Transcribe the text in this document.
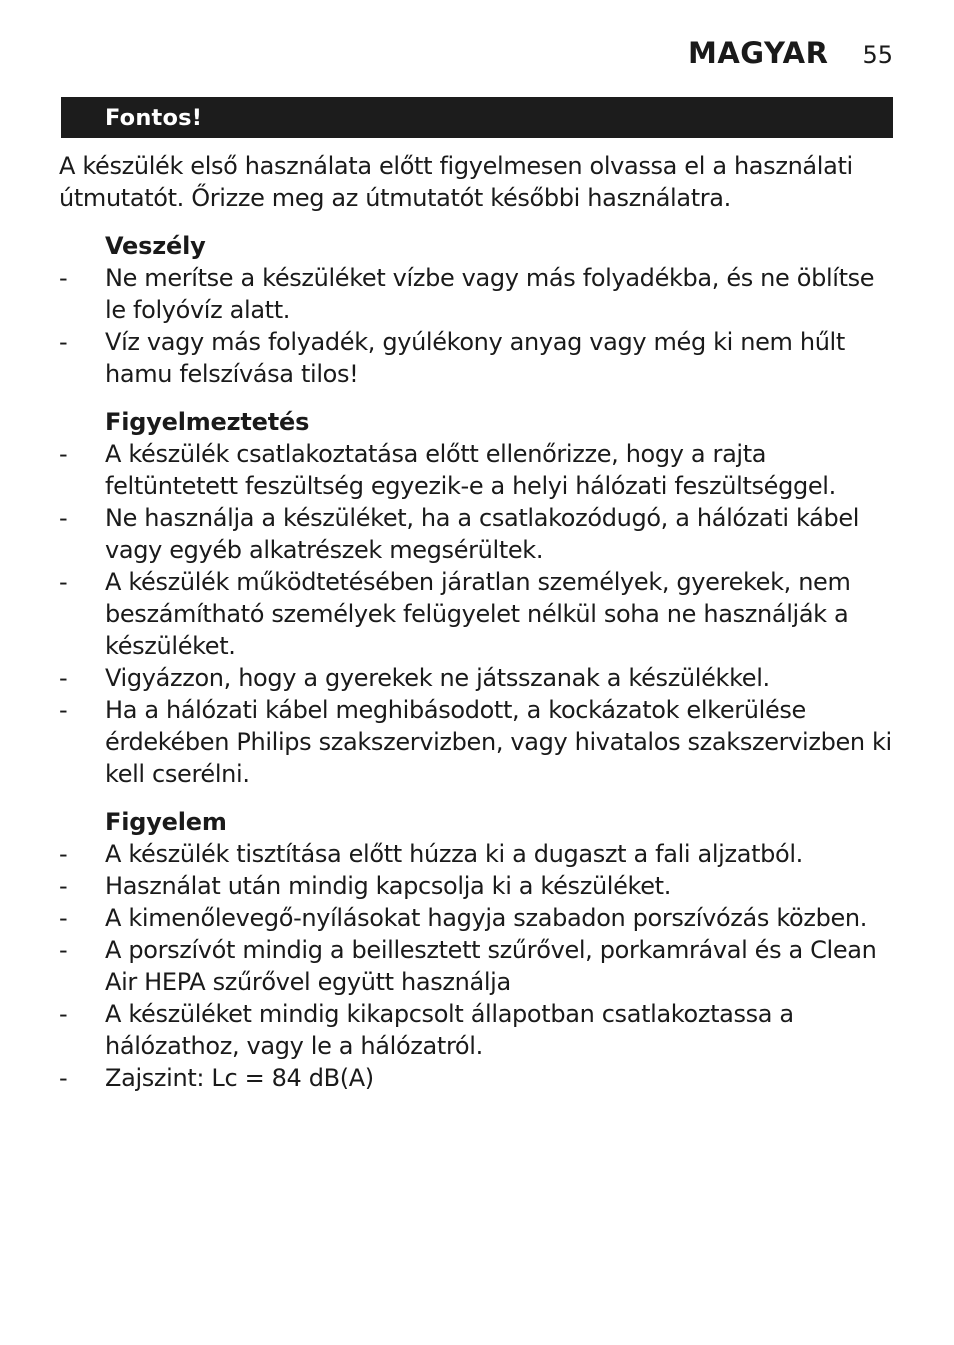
MAGYAR 55
Fontos!

A készülék első használata előtt figyelmesen olvassa el a használati útmutatót. Őrizze meg az útmutatót későbbi használatra.

Veszély
- Ne merítse a készüléket vízbe vagy más folyadékba, és ne öblítse le folyóvíz alatt.
- Víz vagy más folyadék, gyúlékony anyag vagy még ki nem hűlt hamu felszívása tilos!
Figyelmeztetés
- A készülék csatlakoztatása előtt ellenőrizze, hogy a rajta feltüntetett feszültség egyezik-e a helyi hálózati feszültséggel.
- Ne használja a készüléket, ha a csatlakozódugó, a hálózati kábel vagy egyéb alkatrészek megsérültek.
- A készülék működtetésében járatlan személyek, gyerekek, nem beszámítható személyek felügyelet nélkül soha ne használják a készüléket.
- Vigyázzon, hogy a gyerekek ne játsszanak a készülékkel.
- Ha a hálózati kábel meghibásodott, a kockázatok elkerülése érdekében Philips szakszervizben, vagy hivatalos szakszervizben ki kell cserélni.
Figyelem
- A készülék tisztítása előtt húzza ki a dugaszt a fali aljzatból.
- Használat után mindig kapcsolja ki a készüléket.
- A kimenőlevegő-nyílásokat hagyja szabadon porszívózás közben.
- A porszívót mindig a beillesztett szűrővel, porkamrával és a Clean Air HEPA szűrővel együtt használja
- A készüléket mindig kikapcsolt állapotban csatlakoztassa a hálózathoz, vagy le a hálózatról.
- Zajszint: Lc = 84 dB(A)
